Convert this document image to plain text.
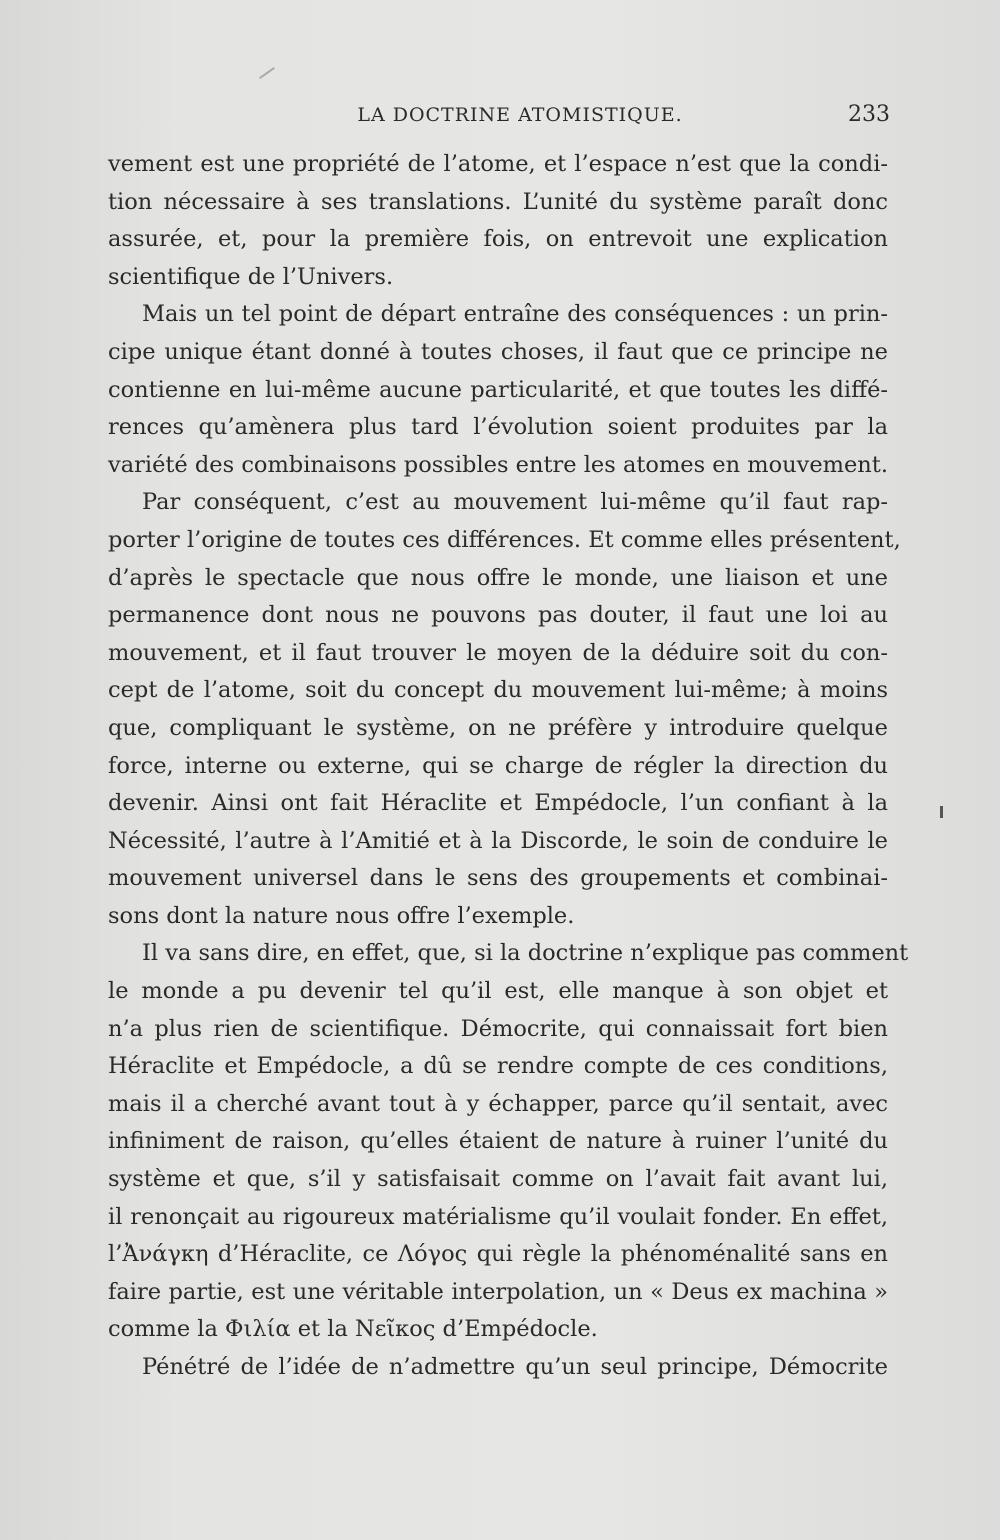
LA DOCTRINE ATOMISTIQUE.	233
vement est une propriété de l’atome, et l’espace n’est que la condi-
tion nécessaire à ses translations. L’unité du système paraît donc
assurée, et, pour la première fois, on entrevoit une explication
scientifique de l’Univers.
Mais un tel point de départ entraîne des conséquences : un prin-
cipe unique étant donné à toutes choses, il faut que ce principe ne
contienne en lui-même aucune particularité, et que toutes les diffé-
rences qu’amènera plus tard l’évolution soient produites par la
variété des combinaisons possibles entre les atomes en mouvement.
Par conséquent, c’est au mouvement lui-même qu’il faut rap-
porter l’origine de toutes ces différences. Et comme elles présentent,
d’après le spectacle que nous offre le monde, une liaison et une
permanence dont nous ne pouvons pas douter, il faut une loi au
mouvement, et il faut trouver le moyen de la déduire soit du con-
cept de l’atome, soit du concept du mouvement lui-même; à moins
que, compliquant le système, on ne préfère y introduire quelque
force, interne ou externe, qui se charge de régler la direction du
devenir. Ainsi ont fait Héraclite et Empédocle, l’un confiant à la
Nécessité, l’autre à l’Amitié et à la Discorde, le soin de conduire le
mouvement universel dans le sens des groupements et combinai-
sons dont la nature nous offre l’exemple.
Il va sans dire, en effet, que, si la doctrine n’explique pas comment
le monde a pu devenir tel qu’il est, elle manque à son objet et
n’a plus rien de scientifique. Démocrite, qui connaissait fort bien
Héraclite et Empédocle, a dû se rendre compte de ces conditions,
mais il a cherché avant tout à y échapper, parce qu’il sentait, avec
infiniment de raison, qu’elles étaient de nature à ruiner l’unité du
système et que, s’il y satisfaisait comme on l’avait fait avant lui,
il renonçait au rigoureux matérialisme qu’il voulait fonder. En effet,
l’Ἀνάγκη d’Héraclite, ce Λόγος qui règle la phénoménalité sans en
faire partie, est une véritable interpolation, un « Deus ex machina »
comme la Φιλία et la Νεῖκος d’Empédocle.
Pénétré de l’idée de n’admettre qu’un seul principe, Démocrite
